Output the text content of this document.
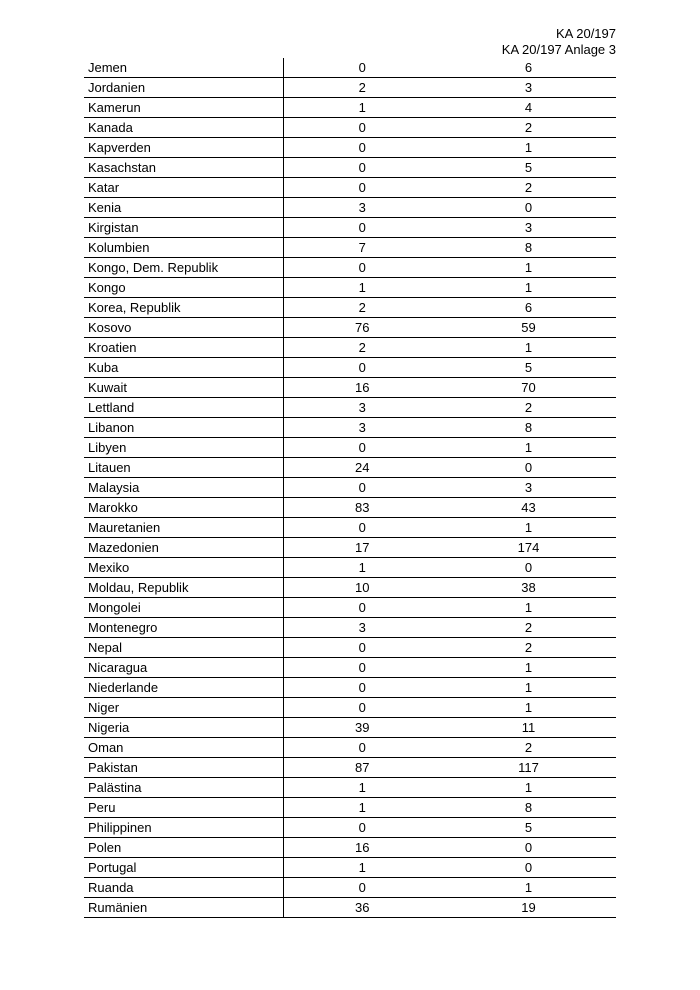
KA 20/197
KA 20/197 Anlage 3
Jemen	0	6
Jordanien	2	3
Kamerun	1	4
Kanada	0	2
Kapverden	0	1
Kasachstan	0	5
Katar	0	2
Kenia	3	0
Kirgistan	0	3
Kolumbien	7	8
Kongo, Dem. Republik	0	1
Kongo	1	1
Korea, Republik	2	6
Kosovo	76	59
Kroatien	2	1
Kuba	0	5
Kuwait	16	70
Lettland	3	2
Libanon	3	8
Libyen	0	1
Litauen	24	0
Malaysia	0	3
Marokko	83	43
Mauretanien	0	1
Mazedonien	17	174
Mexiko	1	0
Moldau, Republik	10	38
Mongolei	0	1
Montenegro	3	2
Nepal	0	2
Nicaragua	0	1
Niederlande	0	1
Niger	0	1
Nigeria	39	11
Oman	0	2
Pakistan	87	117
Palästina	1	1
Peru	1	8
Philippinen	0	5
Polen	16	0
Portugal	1	0
Ruanda	0	1
Rumänien	36	19
